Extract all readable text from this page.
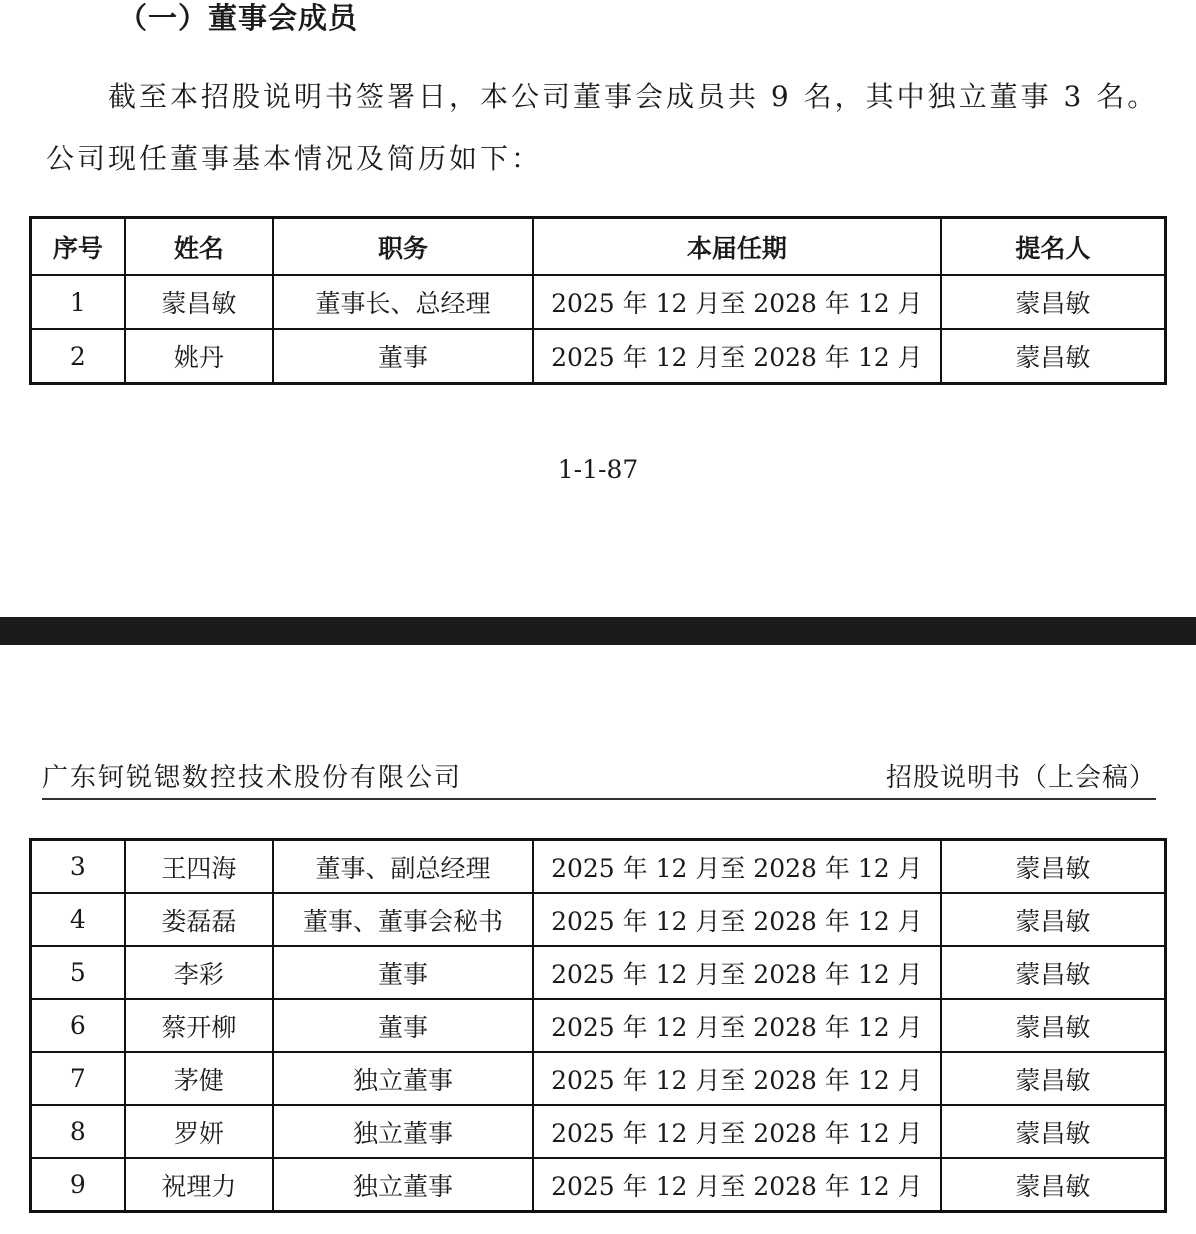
（一）董事会成员
截至本招股说明书签署日，本公司董事会成员共 9 名，其中独立董事 3 名。
公司现任董事基本情况及简历如下：
序号	姓名	职务	本届任期	提名人
1	蒙昌敏	董事长、总经理	2025 年 12 月至 2028 年 12 月	蒙昌敏
2	姚丹	董事	2025 年 12 月至 2028 年 12 月	蒙昌敏
1-1-87
广东钶锐锶数控技术股份有限公司	招股说明书（上会稿）
3	王四海	董事、副总经理	2025 年 12 月至 2028 年 12 月	蒙昌敏
4	娄磊磊	董事、董事会秘书	2025 年 12 月至 2028 年 12 月	蒙昌敏
5	李彩	董事	2025 年 12 月至 2028 年 12 月	蒙昌敏
6	蔡开柳	董事	2025 年 12 月至 2028 年 12 月	蒙昌敏
7	茅健	独立董事	2025 年 12 月至 2028 年 12 月	蒙昌敏
8	罗妍	独立董事	2025 年 12 月至 2028 年 12 月	蒙昌敏
9	祝理力	独立董事	2025 年 12 月至 2028 年 12 月	蒙昌敏
